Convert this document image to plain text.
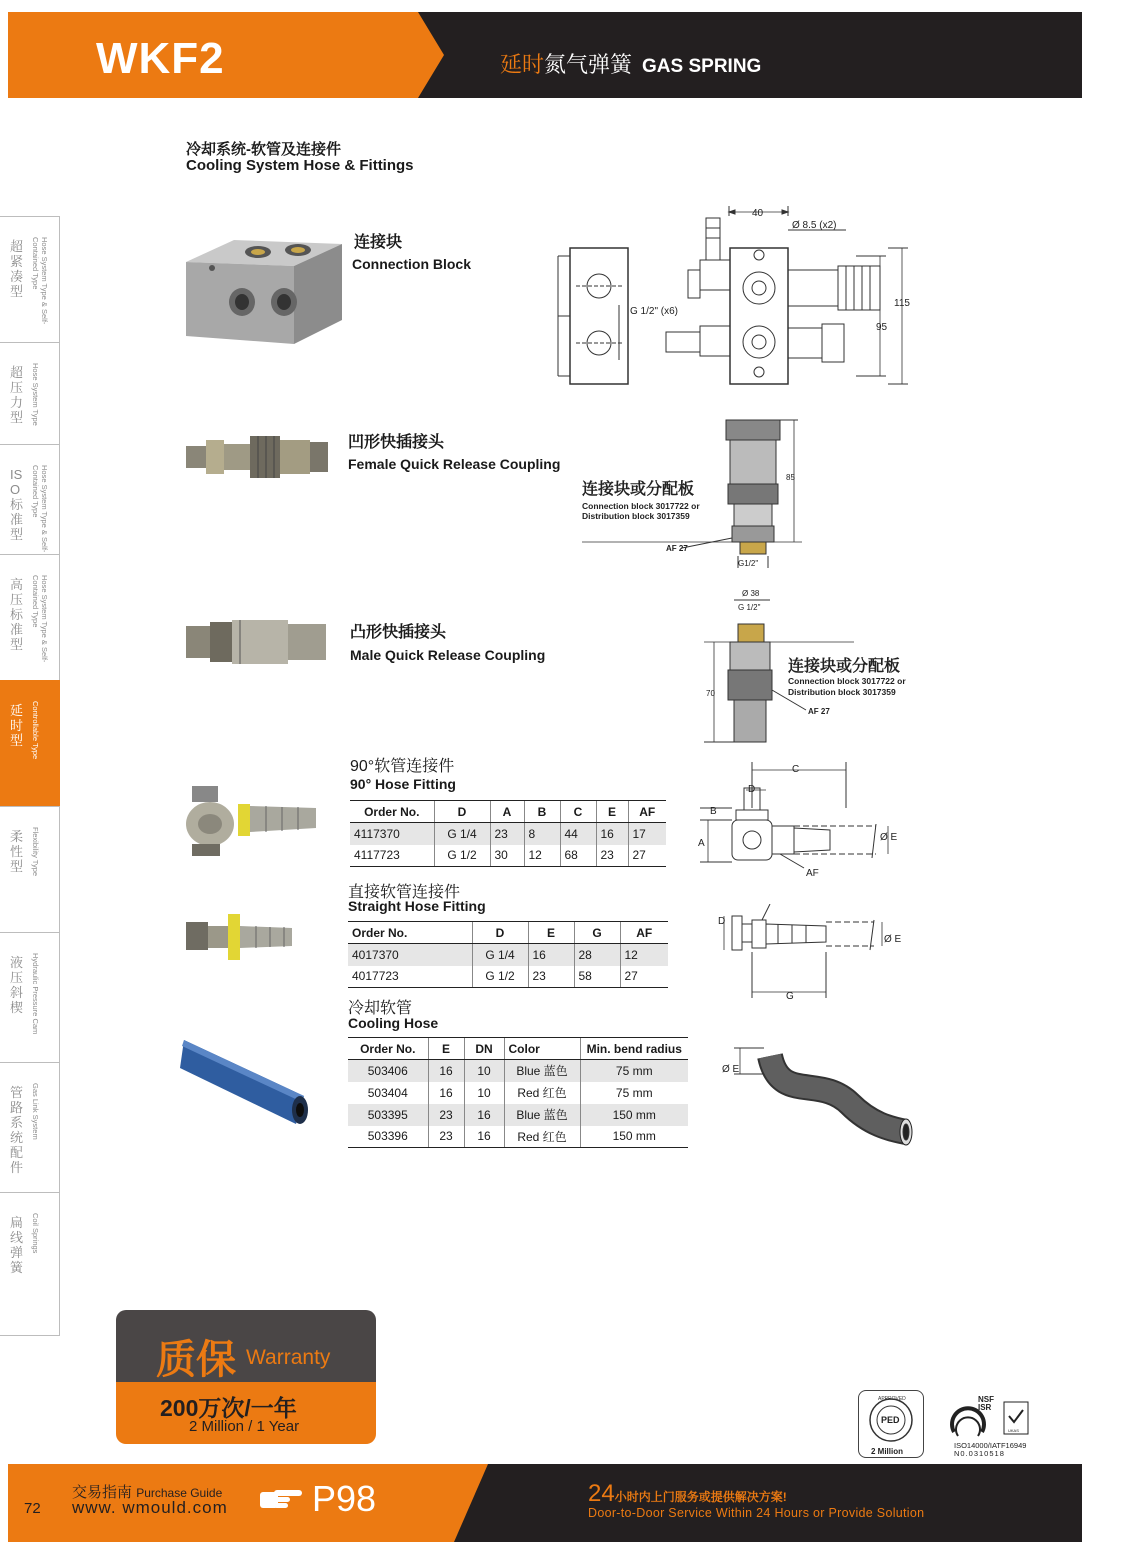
WKF2	延时氮气弹簧 GAS SPRING
超紧凑型	Hose System Type & Self-Contained Type
超压力型	Hose System Type
ISO标准型	Hose System Type & Self-Contained Type
高压标准型	Hose System Type & Self-Contained Type
延时型	Controllable Type
柔性型	Flexibility Type
液压斜楔	Hydraulic Pressure Cam
管路系统配件
Gas Link System
扁线弹簧
Coil Springs
冷却系统-软管及连接件
Cooling System Hose & Fittings
连接块
Connection Block
40
Ø 8.5 (x2)
G 1/2" (x6)
115
95
凹形快插接头
Female Quick Release Coupling
连接块或分配板
Connection block 3017722 or
Distribution block 3017359
85
AF 27
G1/2"
凸形快插接头
Male Quick Release Coupling
Ø 38
G 1/2"
70
连接块或分配板
Connection block 3017722 or
Distribution block 3017359
AF 27
90°软管连接件
90° Hose Fitting
Order No.	D	A	B	C	E	AF
4117370	G 1/4	23	8	44	16	17
4117723	G 1/2	30	12	68	23	27
C
D
B
A
Ø E
AF
直接软管连接件
Straight Hose Fitting
Order No.	D	E	G	AF
4017370	G 1/4	16	28	12
4017723	G 1/2	23	58	27
D
Ø E
G
冷却软管
Cooling Hose
Order No.	E	DN	Color	Min. bend radius
503406	16	10	Blue 蓝色	75 mm
503404	16	10	Red 红色	75 mm
503395	23	16	Blue 蓝色	150 mm
503396	23	16	Red 红色	150 mm
Ø E
质保 Warranty
200万次/一年
2 Million / 1 Year
APPROVED
PED
2 Million
NSF
ISR
UKAS
ISO14000/IATF16949
N0.0310518
72
交易指南 Purchase Guide
www. wmould.com P98	24小时内上门服务或提供解决方案!
Door-to-Door Service Within 24 Hours or Provide Solution
